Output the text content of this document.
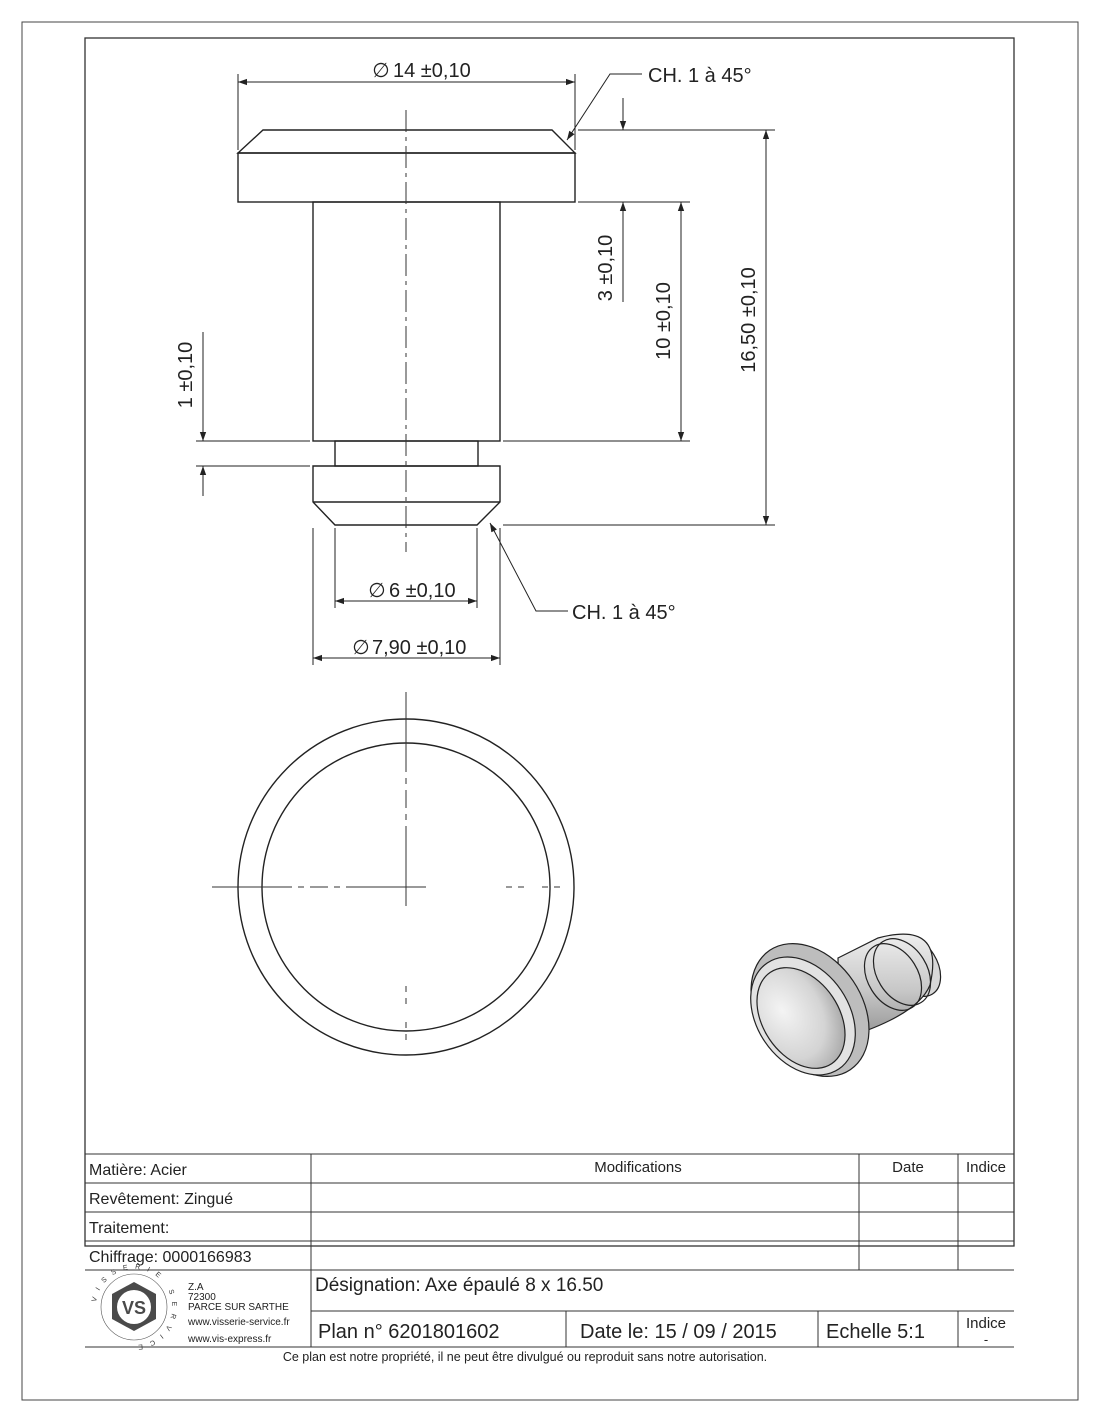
∅ 14 ±0,10	CH. 1 à 45°
3 ±0,10
10 ±0,10	16,50 ±0,10
1 ±0,10
∅ 6 ±0,10
CH. 1 à 45°
∅ 7,90 ±0,10
Matière: Acier
Revêtement: Zingué
Traitement:
Chiffrage: 0000166983
Modifications	Date	Indice
Désignation: Axe épaulé 8 x 16.50
Plan n° 6201801602	Date le: 15 / 09 / 2015 Echelle 5:1	Indice
-
VS
VISSERIE SERVICE
Z.A
72300
PARCE SUR SARTHE
www.visserie-service.fr
www.vis-express.fr
Ce plan est notre propriété, il ne peut être divulgué ou reproduit sans notre autorisation.
